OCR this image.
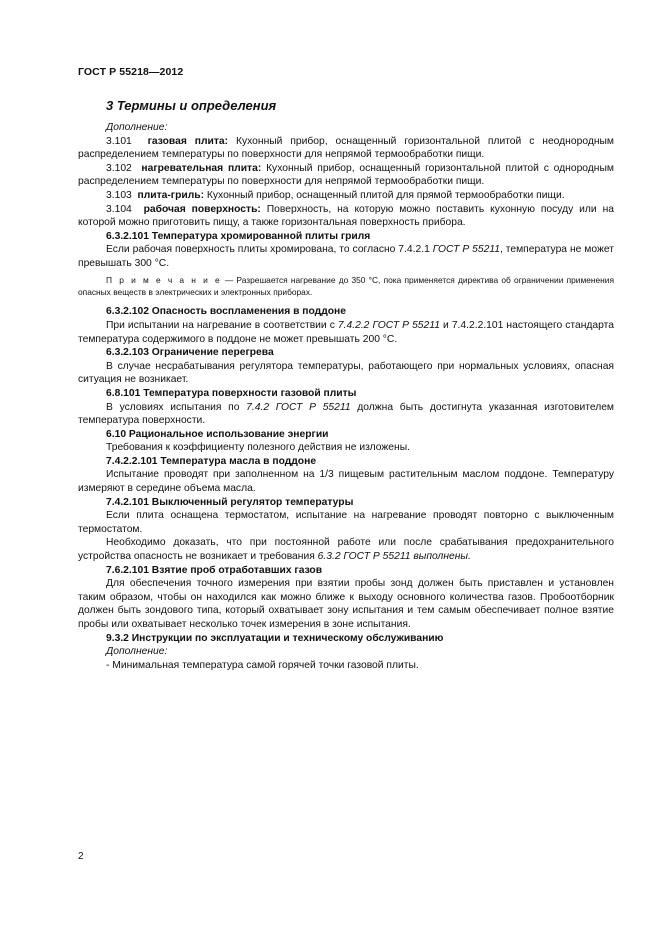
ГОСТ Р 55218—2012
3 Термины и определения

Дополнение:

3.101 газовая плита: Кухонный прибор, оснащенный горизонтальной плитой с неоднородным распределением температуры по поверхности для непрямой термообработки пищи.

3.102 нагревательная плита: Кухонный прибор, оснащенный горизонтальной плитой с однородным распределением температуры по поверхности для непрямой термообработки пищи.

3.103 плита-гриль: Кухонный прибор, оснащенный плитой для прямой термообработки пищи.

3.104 рабочая поверхность: Поверхность, на которую можно поставить кухонную посуду или на которой можно приготовить пищу, а также горизонтальная поверхность прибора.

6.3.2.101 Температура хромированной плиты гриля

Если рабочая поверхность плиты хромирована, то согласно 7.4.2.1 ГОСТ Р 55211, температура не может превышать 300 °С.

П р и м е ч а н и е — Разрешается нагревание до 350 °С, пока применяется директива об ограничении применения опасных веществ в электрических и электронных приборах.

6.3.2.102 Опасность воспламенения в поддоне

При испытании на нагревание в соответствии с 7.4.2.2 ГОСТ Р 55211 и 7.4.2.2.101 настоящего стандарта температура содержимого в поддоне не может превышать 200 °С.

6.3.2.103 Ограничение перегрева

В случае несрабатывания регулятора температуры, работающего при нормальных условиях, опасная ситуация не возникает.

6.8.101 Температура поверхности газовой плиты

В условиях испытания по 7.4.2 ГОСТ Р 55211 должна быть достигнута указанная изготовителем температура поверхности.

6.10 Рациональное использование энергии

Требования к коэффициенту полезного действия не изложены.

7.4.2.2.101 Температура масла в поддоне

Испытание проводят при заполненном на 1/3 пищевым растительным маслом поддоне. Температуру измеряют в середине объема масла.

7.4.2.101 Выключенный регулятор температуры

Если плита оснащена термостатом, испытание на нагревание проводят повторно с выключенным термостатом.

Необходимо доказать, что при постоянной работе или после срабатывания предохранительного устройства опасность не возникает и требования 6.3.2 ГОСТ Р 55211 выполнены.

7.6.2.101 Взятие проб отработавших газов

Для обеспечения точного измерения при взятии пробы зонд должен быть приставлен и установлен таким образом, чтобы он находился как можно ближе к выходу основного количества газов. Пробоотборник должен быть зондового типа, который охватывает зону испытания и тем самым обеспечивает полное взятие пробы или охватывает несколько точек измерения в зоне испытания.

9.3.2 Инструкции по эксплуатации и техническому обслуживанию

Дополнение:

- Минимальная температура самой горячей точки газовой плиты.

2
